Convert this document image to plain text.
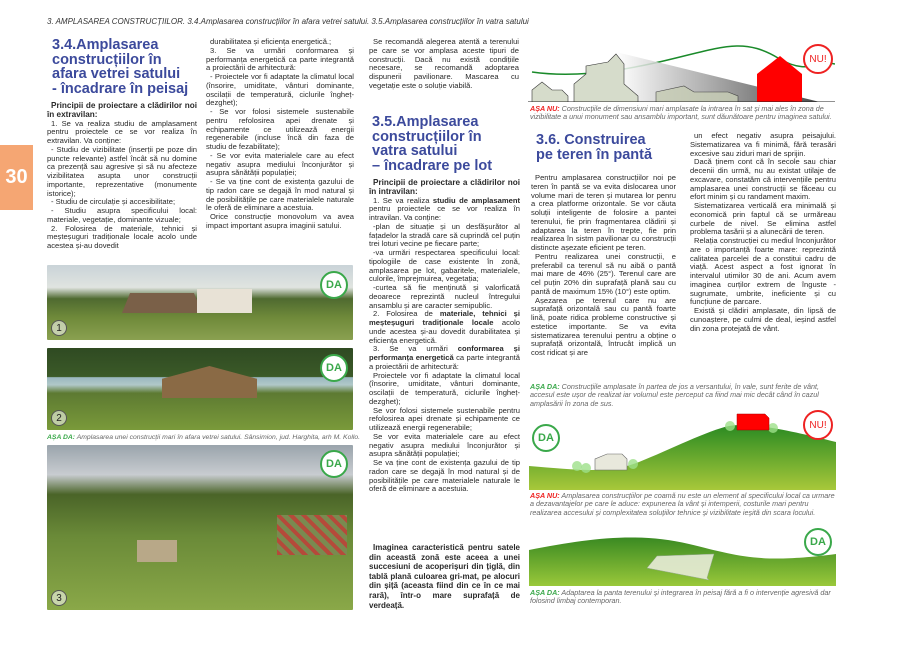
3. AMPLASAREA CONSTRUCȚIILOR. 3.4.Amplasarea construcțiilor în afara vetrei satului. 3.5.Amplasarea construcțiilor în vatra satului
30
3.4.Amplasarea
construcțiilor în
afara vetrei satului
- încadrare în peisaj

Principii de proiectare a clădirilor noi în extravilan:

1. Se va realiza studiu de amplasament pentru proiectele ce se vor realiza în extravilan. Va conține:

- Studiu de vizibilitate (inserții pe poze din puncte relevante) astfel încât să nu domine ca prezență sau agresive și să nu afecteze vizibilitatea asupta unor construcții importante, reprezentative (monumente istorice);

- Studiu de circulație și accesibilitate;

- Studiu asupra specificului local: materiale, vegetație, dominante vizuale;

2. Folosirea de materiale, tehnici și meșteșuguri tradiționale locale acolo unde acestea și-au dovedit

durabilitatea și eficiența energetică.;

3. Se va urmări conformarea și performanța energetică ca parte integrantă a proiectării de arhitectură:

- Proiectele vor fi adaptate la climatul local (însorire, umiditate, vânturi dominante, oscilații de temperatură, ciclurile îngheț-dezghet);

- Se vor folosi sistemele sustenabile pentru refolosirea apei drenate și echipamente ce utilizează energii regenerabile (incluse încă din faza de studiu de fezabilitate);

- Se vor evita materialele care au efect negativ asupra mediului înconjurător și asupra sănătății populației;

- Se va ține cont de existența gazului de tip radon care se degajă în mod natural și de posibilitățile pe care materialele naturale le oferă de eliminare a acestuia.

Orice construcție monovolum va avea impact important asupra imaginii satului.

Se recomandă alegerea atentă a terenului pe care se vor amplasa aceste tipuri de construcții. Dacă nu există condițiile necesare, se recomandă adoptarea dispunerii pavilionare. Mascarea cu vegetație este o soluție viabilă.

1
DA
2
DA
AȘA DA: Amplasarea unei construcții mari în afara vetrei satului. Sânsimion, jud. Harghita, arh M. Kollo.
3
DA
3.5.Amplasarea
construcțiilor în
vatra satului
– încadrare pe lot

Principii de proiectare a clădirilor noi în intravilan:

1. Se va realiza studiu de amplasament pentru proiectele ce se vor realiza în intravilan. Va conține:

-plan de situație și un desfășurător al fațadelor la stradă care să cuprindă cel puțin trei loturi vecine pe fiecare parte;

-va urmări respectarea specificului local: tipologiile de case existente în zonă, amplasarea pe lot, gabaritele, materialele, culorile, împrejmuirea, vegetația;

-curtea să fie menținută și valorficată deoarece reprezintă nucleul întregului ansamblu și are caracter semipublic.

2. Folosirea de materiale, tehnici și meșteșuguri tradiționale locale acolo unde acestea și-au dovedit durabilitatea și eficiența energetică.

3. Se va urmări conformarea și performanța energetică ca parte integrantă a proiectării de arhitectură:

Proiectele vor fi adaptate la climatul local (însorire, umiditate, vânturi dominante, oscilații de temperatură, ciclurile îngheț-dezghet);

Se vor folosi sistemele sustenabile pentru refolosirea apei drenate și echipamente ce utilizează energii regenerabile;

Se vor evita materialele care au efect negativ asupra mediului înconjurător și asupra sănătății populației;

Se va ține cont de existența gazului de tip radon care se degajă în mod natural și de posibilitățile pe care materialele naturale le oferă de eliminare a acestuia.

Imaginea caracteristică pentru satele din această zonă este aceea a unei succesiuni de acoperișuri din țiglă, din tablă plană culoarea gri-mat, pe alocuri din șiță (aceasta fiind din ce în ce mai rară), într-o mare suprafață de verdeață.

NU!
AȘA NU: Construcțiile de dimensiuni mari amplasate la intrarea în sat și mai ales în zona de vizibilitate a unui monument sau ansamblu important, sunt dăunătoare pentru imaginea satului.
3.6. Construirea
pe teren în pantă

Pentru amplasarea construcțiilor noi pe teren în pantă se va evita dislocarea unor volume mari de teren și mutarea lor penru a crea platforme orizontale. Se vor căuta soluții inteligente de folosire a pantei terenului, fie prin fragmentarea clădirii și adaptarea la teren în trepte, fie prin realizarea în sistm pavilionar cu construcții distincte așezate eficient pe teren.

Pentru realizarea unei construcții, e preferabil ca terenul să nu aibă o pantă mai mare de 46% (25°). Terenul care are cel puțin 20% din suprafață plană sau cu pantă de maximum 15% (10°) este optim.

Așezarea pe terenul care nu are suprafață orizontală sau cu pantă foarte lină, poate ridica probleme constructive și estetice importante. Se va evita sistematizarea terenului pentru a obține o suprafață orizontală, întrucât implică un cost ridicat și are

un efect negativ asupra peisajului. Sistematizarea va fi minimă, fără terasări excesive sau ziduri mari de sprijin.

Dacă ținem cont că în secole sau chiar decenii din urmă, nu au existat utilaje de excavare, constatăm că intervențiile pentru amplasarea unei construcții se făceau cu efort minim și cu randament maxim.

Sistematizarea verticală era minimală și economică prin faptul că se urmăreau curbele de nivel. Se elimina astfel problema tasării și a alunecării de teren.

Relația construcției cu mediul înconjurător are o importanță foarte mare: reprezintă calitatea parcelei de a constitui cadru de viață. Acest aspect a fost ignorat în intervalul utimilor 30 de ani. Acum avem imaginea curților extrem de înguste - sugrumate, umbrite, ineficiente și cu funcțiune de parcare.

Există și clădiri amplasate, din lipsă de cunoaștere, pe culmi de deal, ieșind astfel din zona protejată de vânt.

AȘA DA: Construcțiile amplasate în partea de jos a versantului, în vale, sunt ferite de vânt, accesul este ușor de realizat iar volumul este perceput ca fiind mai mic decât când în cazul amplasării în zona de sus.
DA
NU!
AȘA NU: Amplasarea construcțiilor pe coamă nu este un element al specificului local ca urmare a dezavantajelor pe care le aduce: expunerea la vânt și intemperii, costurile mari pentru realizarea accesului și complexitatea soluțiilor tehnice și vizibilitate ieșită din scara locului.
DA
AȘA DA: Adaptarea la panta terenului și integrarea în peisaj fără a fi o intervenție agresivă dar folosind limbaj contemporan.
